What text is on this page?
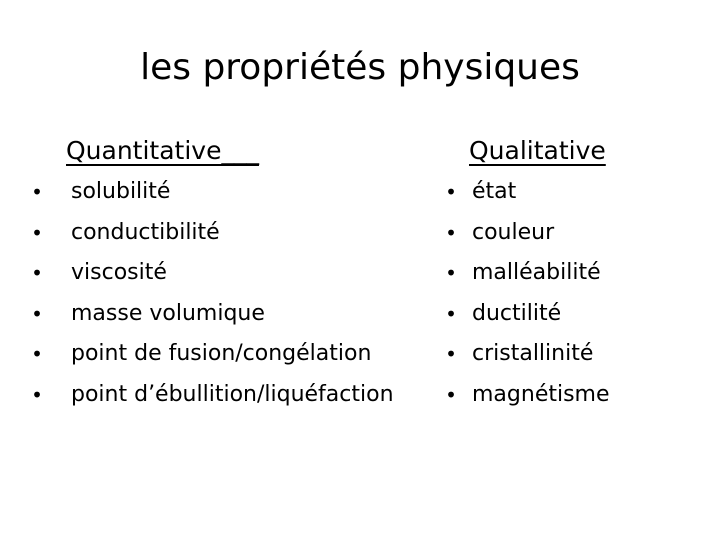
les propriétés physiques
Quantitative___	Qualitative
• solubilité
• conductibilité
• viscosité
• masse volumique
• point de fusion/congélation
• point d’ébullition/liquéfaction
• état
• couleur
• malléabilité
• ductilité
• cristallinité
• magnétisme
